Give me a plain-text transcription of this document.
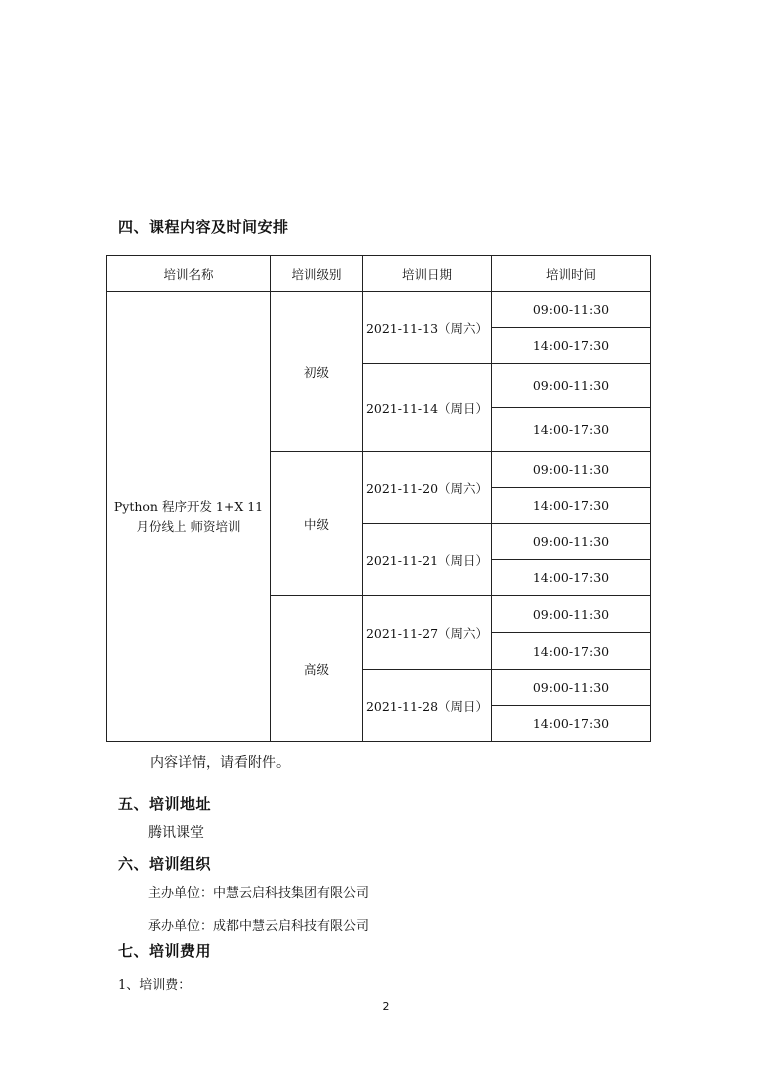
四、课程内容及时间安排
培训名称	培训级别	培训日期	培训时间
Python 程序开发 1+X 11 月份线上 师资培训	初级	2021-11-13（周六）	09:00-11:30
			14:00-17:30
		2021-11-14（周日）	09:00-11:30
			14:00-17:30
	中级	2021-11-20（周六）	09:00-11:30
			14:00-17:30
		2021-11-21（周日）	09:00-11:30
			14:00-17:30
	高级	2021-11-27（周六）	09:00-11:30
			14:00-17:30
		2021-11-28（周日）	09:00-11:30
			14:00-17:30
内容详情，请看附件。
五、培训地址
腾讯课堂
六、培训组织
主办单位：中慧云启科技集团有限公司
承办单位：成都中慧云启科技有限公司
七、培训费用
1、培训费：
2
